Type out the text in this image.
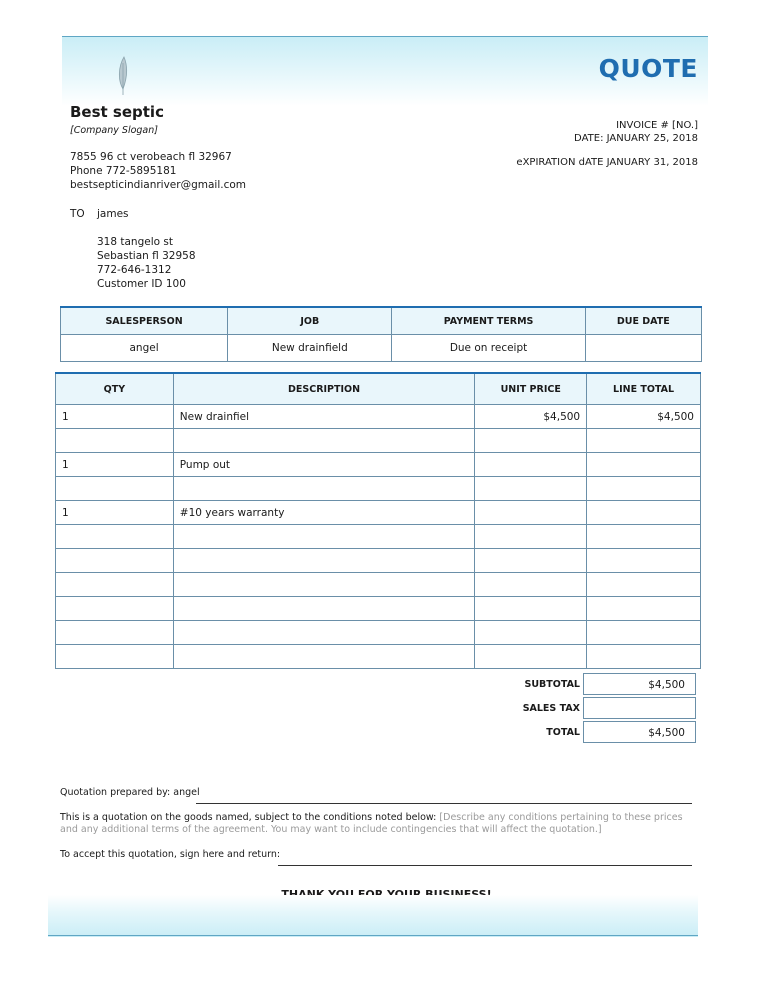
QUOTE
Best septic
[Company Slogan]
7855 96 ct verobeach fl 32967
Phone 772-5895181
bestsepticindianriver@gmail.com
INVOICE # [NO.]
DATE: JANUARY 25, 2018
eXPIRATION dATE JANUARY 31, 2018
TO james
318 tangelo st
Sebastian fl 32958
772-646-1312
Customer ID 100
SALESPERSON	JOB	PAYMENT TERMS	DUE DATE
angel	New drainfield	Due on receipt	
QTY	DESCRIPTION	UNIT PRICE	LINE TOTAL
1	New drainfiel	$4,500	$4,500

1	Pump out		

1	#10 years warranty		

SUBTOTAL	$4,500
SALES TAX
TOTAL	$4,500
Quotation prepared by: angel
This is a quotation on the goods named, subject to the conditions noted below: [Describe any conditions pertaining to these prices and any additional terms of the agreement. You may want to include contingencies that will affect the quotation.]
To accept this quotation, sign here and return:
